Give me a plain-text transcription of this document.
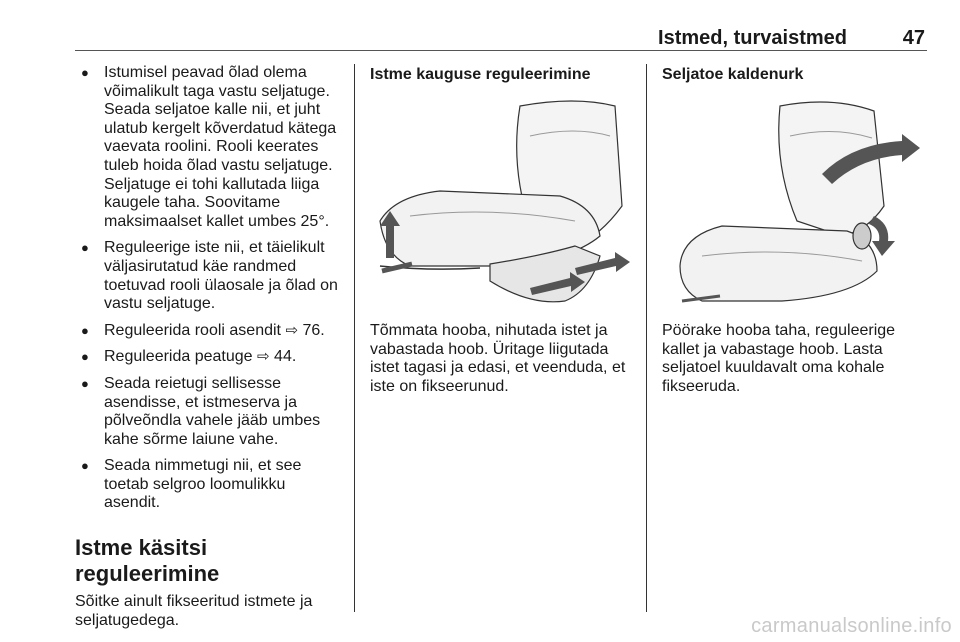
Istmed, turvaistmed	47
● Istumisel peavad õlad olema võimalikult taga vastu seljatuge. Seada seljatoe kalle nii, et juht ulatub kergelt kõverdatud kätega vaevata roolini. Rooli keerates tuleb hoida õlad vastu seljatuge. Seljatuge ei tohi kallutada liiga kaugele taha. Soovitame maksimaalset kallet umbes 25°.
● Reguleerige iste nii, et täielikult väljasirutatud käe randmed toetuvad rooli ülaosale ja õlad on vastu seljatuge.
● Reguleerida rooli asendit ⇨ 76.
● Reguleerida peatuge ⇨ 44.
● Seada reietugi sellisesse asendisse, et istmeserva ja põlveõndla vahele jääb umbes kahe sõrme laiune vahe.
● Seada nimmetugi nii, et see toetab selgroo loomulikku asendit.
Istme käsitsi reguleerimine
Sõitke ainult fikseeritud istmete ja seljatugedega.
Istme kauguse reguleerimine

Tõmmata hooba, nihutada istet ja vabastada hoob. Üritage liigutada istet tagasi ja edasi, et veenduda, et iste on fikseerunud.

Seljatoe kaldenurk

Pöörake hooba taha, reguleerige kallet ja vabastage hoob. Lasta seljatoel kuuldavalt oma kohale fikseeruda.

carmanualsonline.info
